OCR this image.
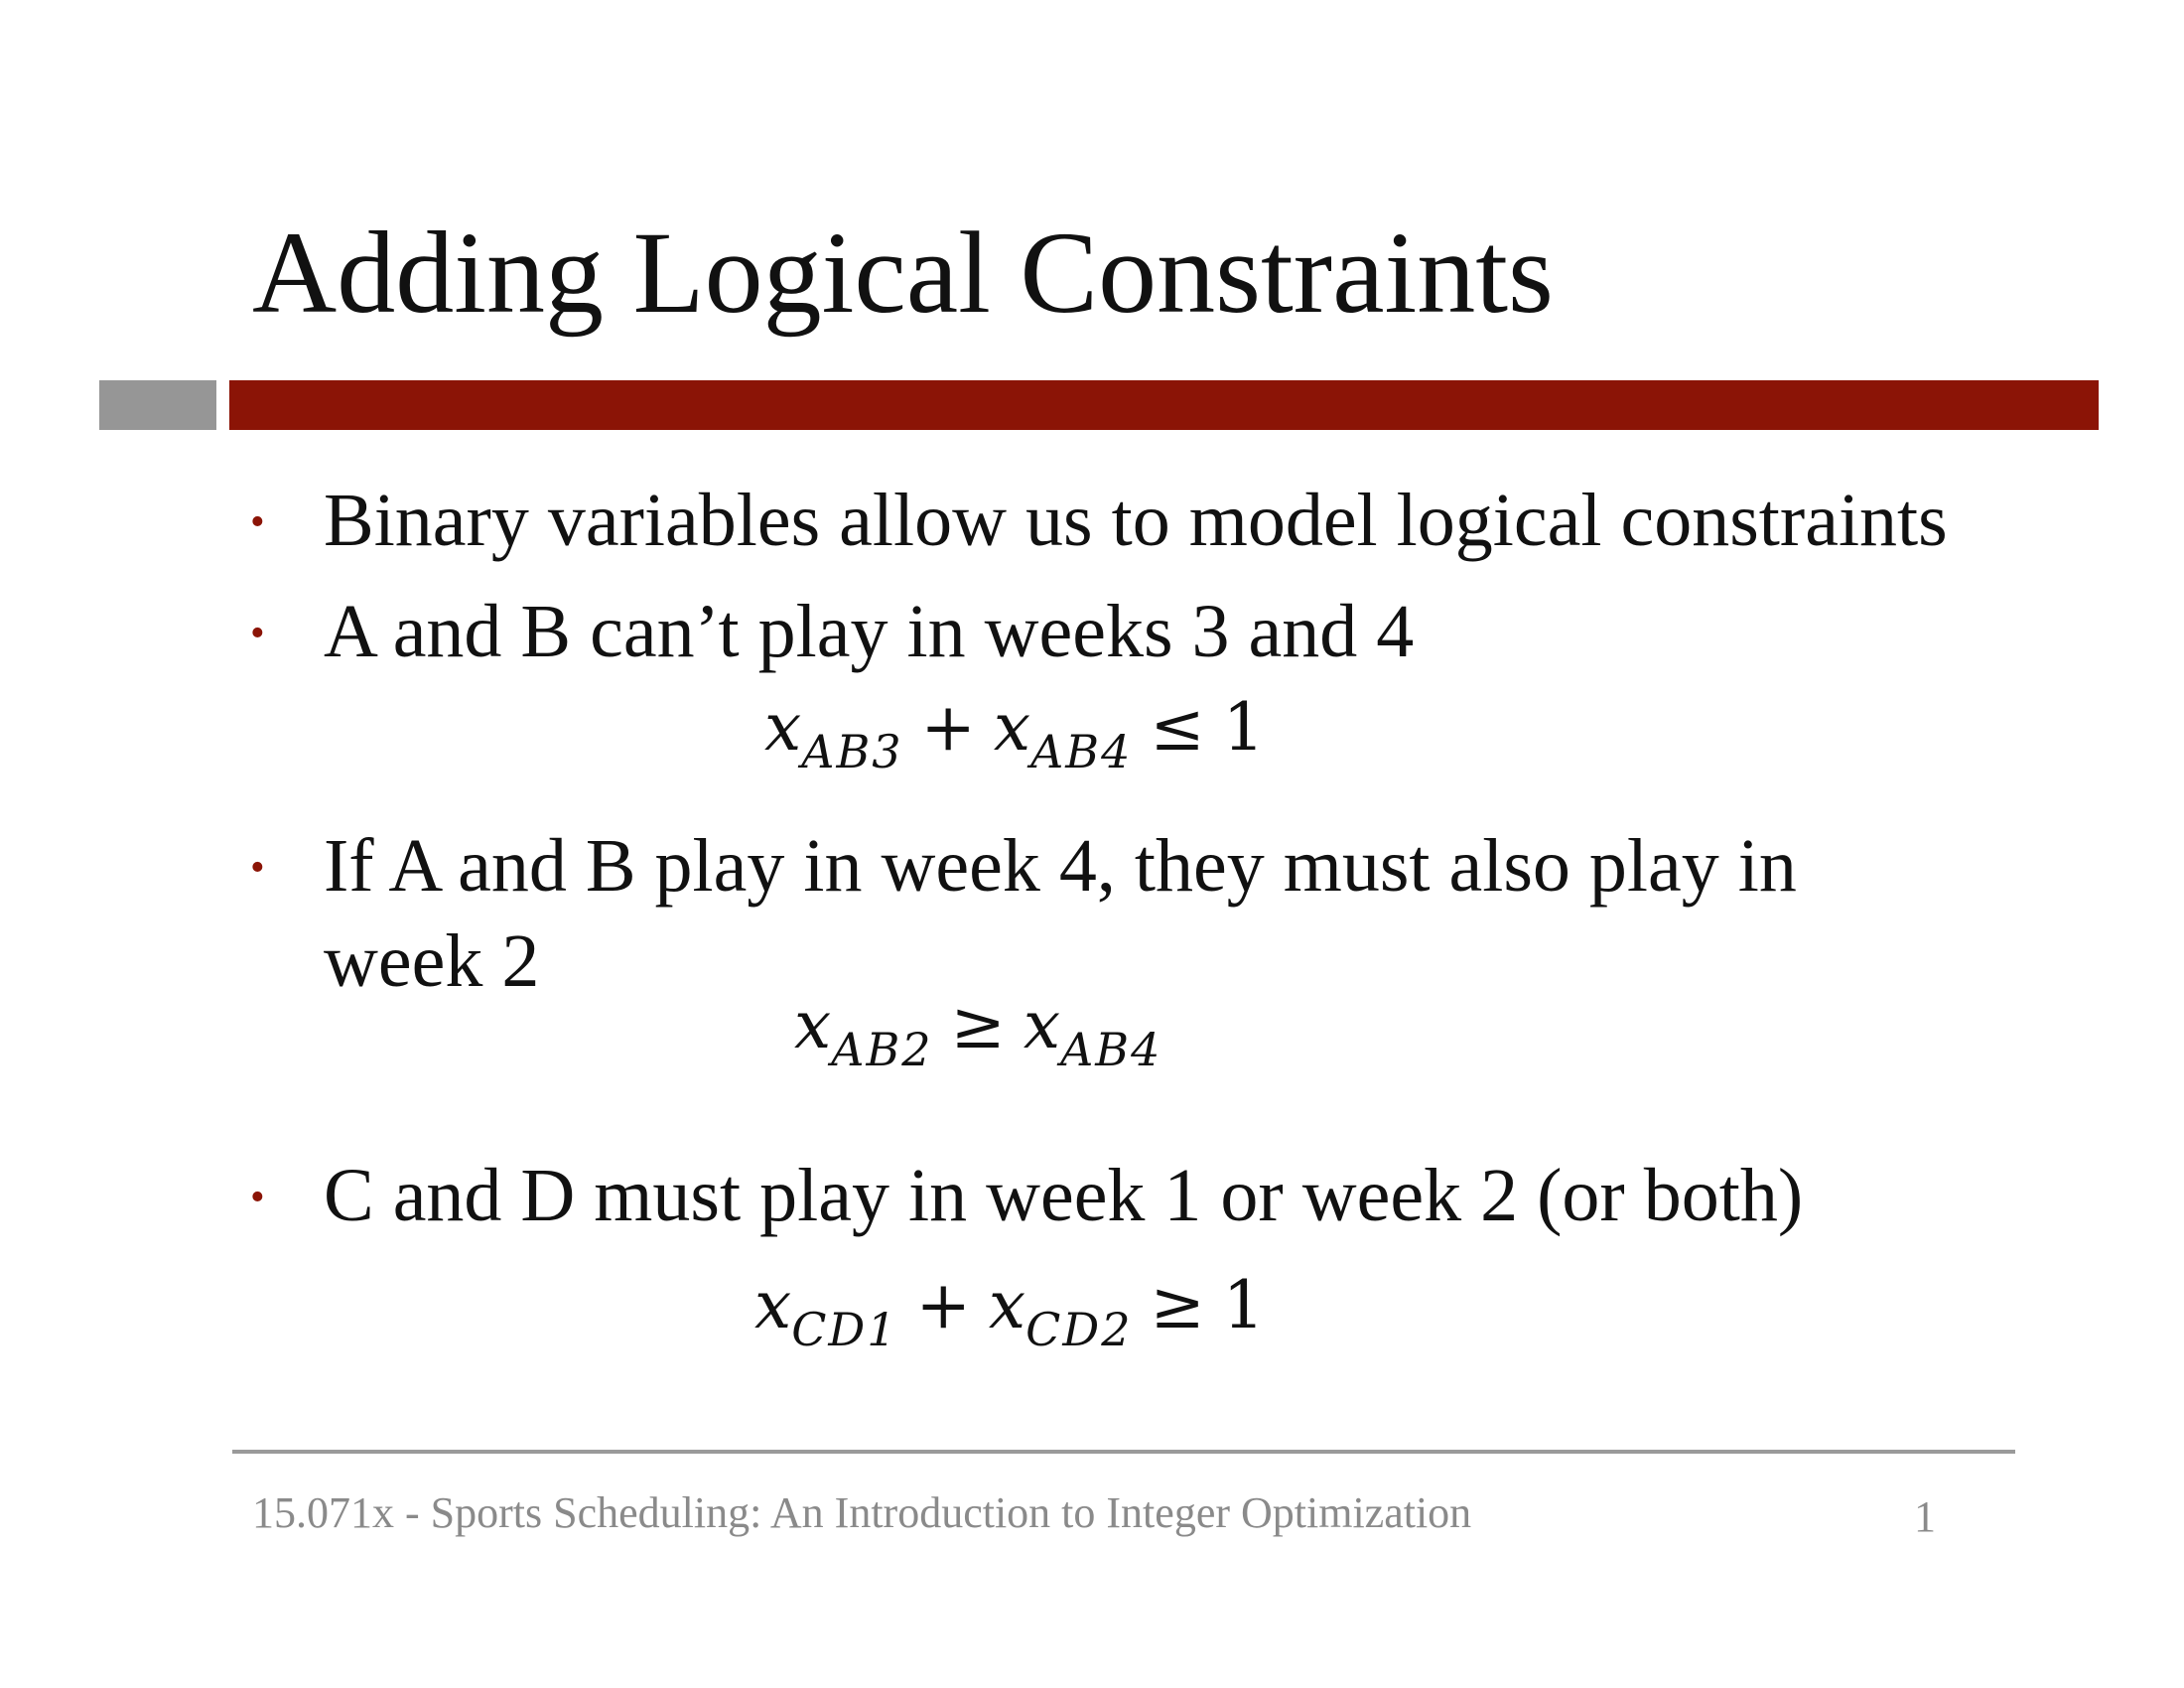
Adding Logical Constraints
• Binary variables allow us to model logical constraints
• A and B can’t play in weeks 3 and 4
$x_{AB3} + x_{AB4} \le 1$
• If A and B play in week 4, they must also play in
week 2
$x_{AB2} \ge x_{AB4}$
• C and D must play in week 1 or week 2 (or both)
$x_{CD1} + x_{CD2} \ge 1$
15.071x - Sports Scheduling: An Introduction to Integer Optimization	1
